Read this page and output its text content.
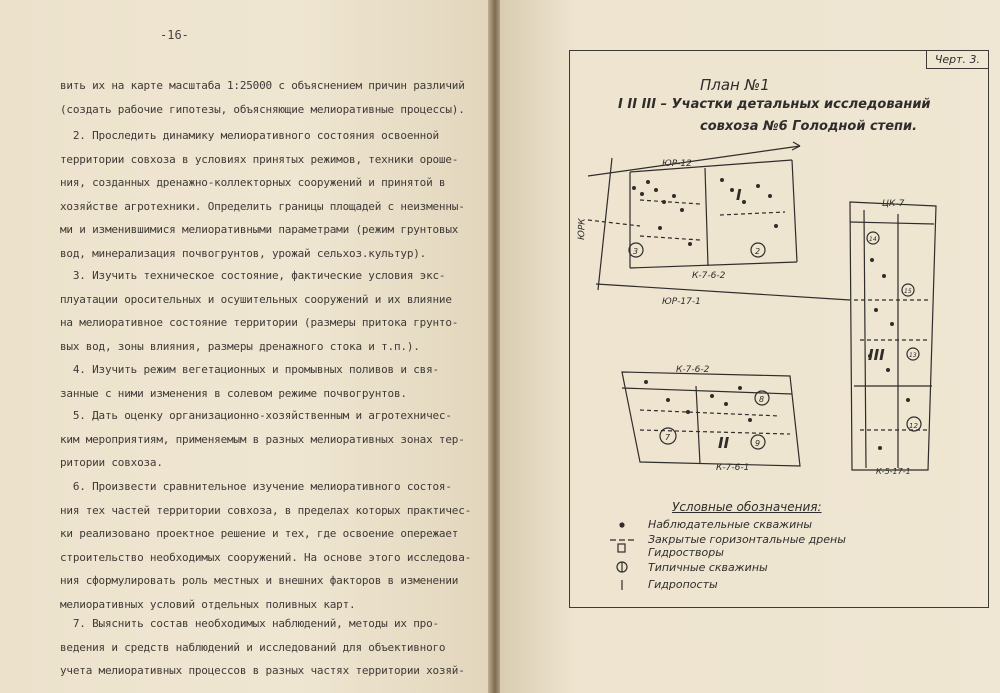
-16-
вить их на карте масштаба 1:25000 с объяснением причин различий
(создать рабочие гипотезы, объясняющие мелиоративные процессы).
2. Проследить динамику мелиоративного состояния освоенной
территории совхоза в условиях принятых режимов, техники ороше-
ния, созданных дренажно-коллекторных сооружений и принятой в
хозяйстве агротехники. Определить границы площадей с неизменны-
ми и изменившимися мелиоративными параметрами (режим грунтовых
вод, минерализация почвогрунтов, урожай сельхоз.культур).
3. Изучить техническое состояние, фактические условия экс-
плуатации оросительных и осушительных сооружений и их влияние
на мелиоративное состояние территории (размеры притока грунто-
вых вод, зоны влияния, размеры дренажного стока и т.п.).
4. Изучить режим вегетационных и промывных поливов и свя-
занные с ними изменения в солевом режиме почвогрунтов.
5. Дать оценку организационно-хозяйственным и агротехничес-
ким мероприятиям, применяемым в разных мелиоративных зонах тер-
ритории совхоза.
6. Произвести сравнительное изучение мелиоративного состоя-
ния тех частей территории совхоза, в пределах которых практичес-
ки реализовано проектное решение и тех, где освоение опережает
строительство необходимых сооружений. На основе этого исследова-
ния сформулировать роль местных и внешних факторов в изменении
мелиоративных условий отдельных поливных карт.
7. Выяснить состав необходимых наблюдений, методы их про-
ведения и средств наблюдений и исследований для объективного
учета мелиоративных процессов в разных частях территории хозяй-
Черт. 3.
План №1
I II III – Участки детальных исследований
совхоза №6 Голодной степи.
ЮР-12
ЮР-17-1
К-7-6-2
К-7-6-2
К-7-6-1
ЦК-7
К-5-17-1
ЮРК
I
II
III
2
3
7
8
9
12
13
14
15
Условные обозначения:
Наблюдательные скважины
Закрытые горизонтальные дрены
Гидростворы
Типичные скважины
Гидропосты
